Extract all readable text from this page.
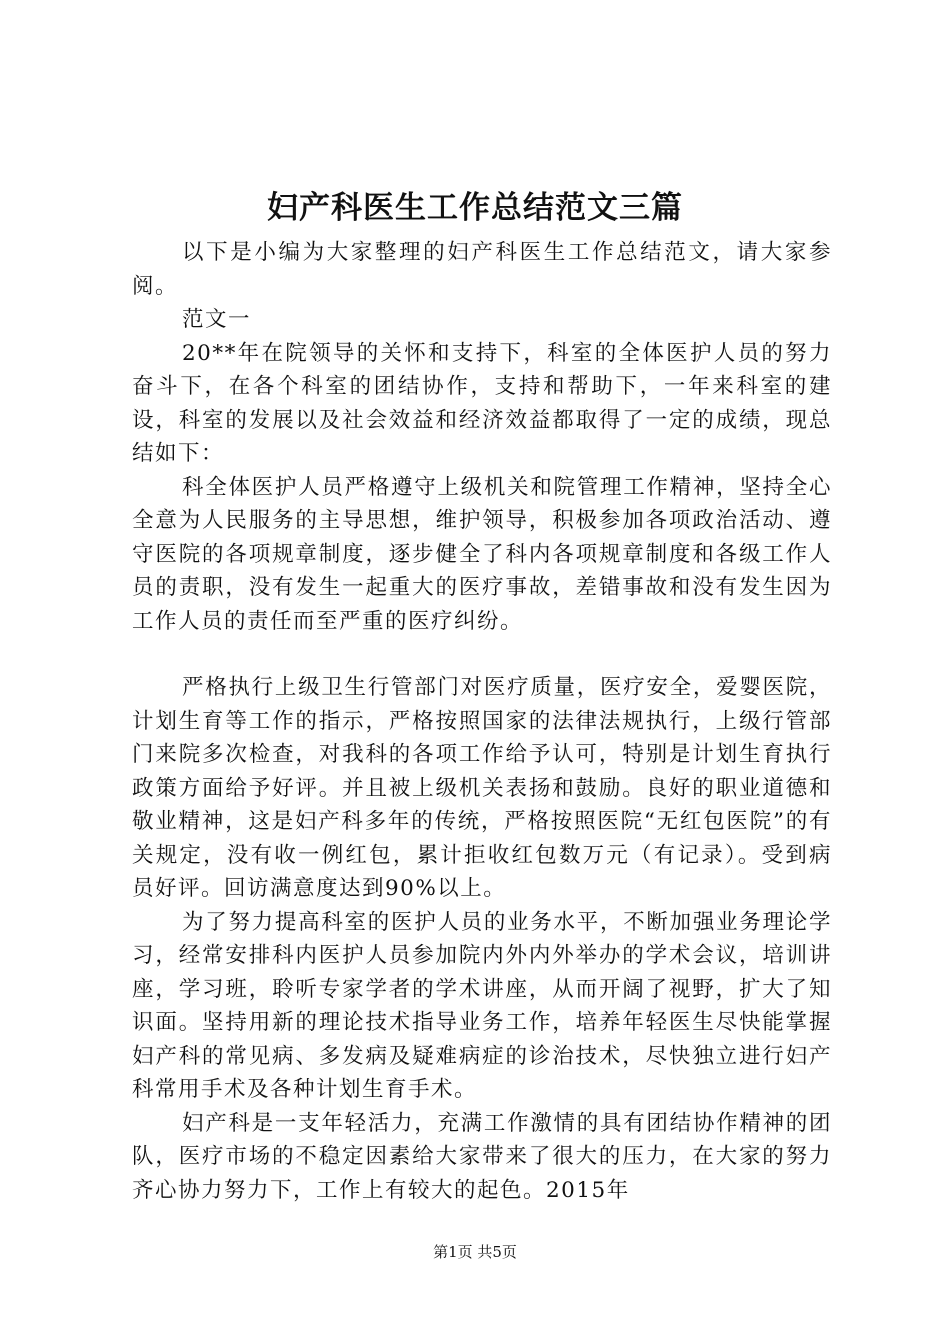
妇产科医生工作总结范文三篇

以下是小编为大家整理的妇产科医生工作总结范文，请大家参阅。

范文一

20**年在院领导的关怀和支持下，科室的全体医护人员的努力奋斗下，在各个科室的团结协作，支持和帮助下，一年来科室的建设，科室的发展以及社会效益和经济效益都取得了一定的成绩，现总结如下：

科全体医护人员严格遵守上级机关和院管理工作精神，坚持全心全意为人民服务的主导思想，维护领导，积极参加各项政治活动、遵守医院的各项规章制度，逐步健全了科内各项规章制度和各级工作人员的责职，没有发生一起重大的医疗事故，差错事故和没有发生因为工作人员的责任而至严重的医疗纠纷。

严格执行上级卫生行管部门对医疗质量，医疗安全，爱婴医院，计划生育等工作的指示，严格按照国家的法律法规执行，上级行管部门来院多次检查，对我科的各项工作给予认可，特别是计划生育执行政策方面给予好评。并且被上级机关表扬和鼓励。良好的职业道德和敬业精神，这是妇产科多年的传统，严格按照医院“无红包医院”的有关规定，没有收一例红包，累计拒收红包数万元（有记录）。受到病员好评。回访满意度达到90%以上。

为了努力提高科室的医护人员的业务水平，不断加强业务理论学习，经常安排科内医护人员参加院内外内外举办的学术会议，培训讲座，学习班，聆听专家学者的学术讲座，从而开阔了视野，扩大了知识面。坚持用新的理论技术指导业务工作，培养年轻医生尽快能掌握妇产科的常见病、多发病及疑难病症的诊治技术，尽快独立进行妇产科常用手术及各种计划生育手术。

妇产科是一支年轻活力，充满工作激情的具有团结协作精神的团队，医疗市场的不稳定因素给大家带来了很大的压力，在大家的努力齐心协力努力下，工作上有较大的起色。2015年

第1页 共5页
